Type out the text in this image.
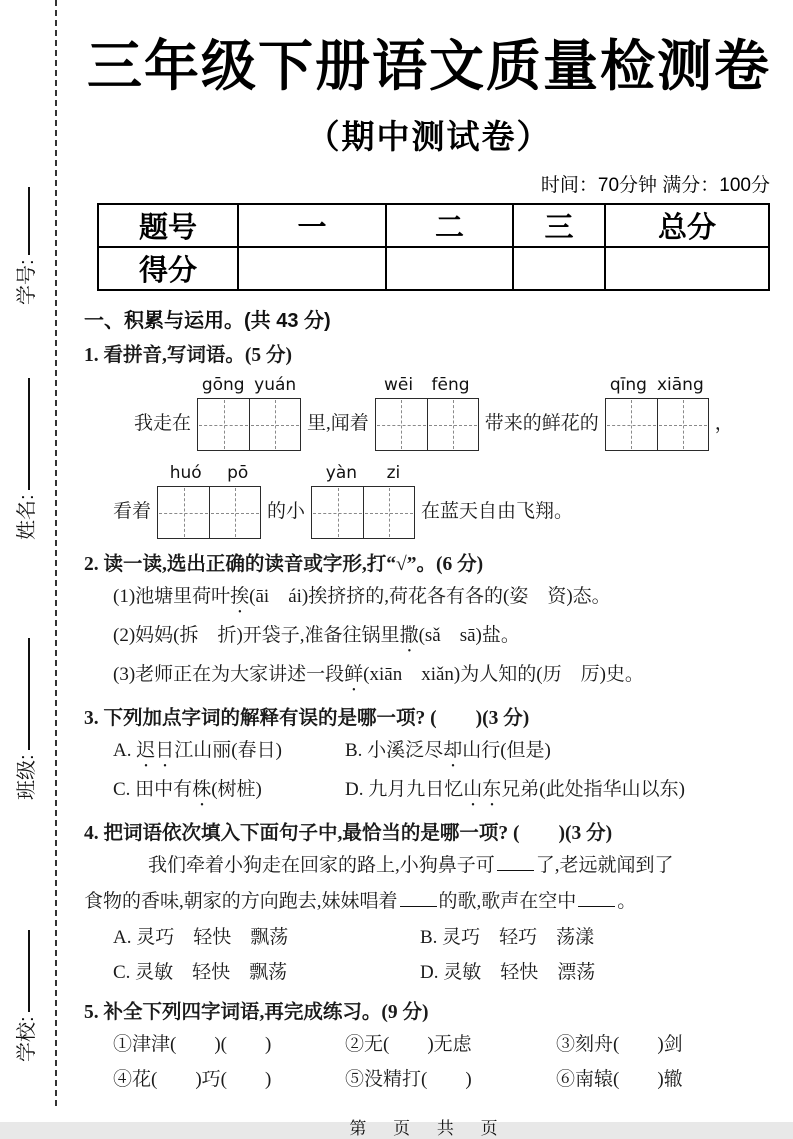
学号:
姓名:
班级:
学校:
三年级下册语文质量检测卷
（期中测试卷）
时间：70分钟 满分：100分
题号	一	二	三	总分
得分				
一、积累与运用。(共 43 分)
1. 看拼音,写词语。(5 分)
我走在
gōng yuán
里,闻着
wēi fēng
带来的鲜花的
qīng xiāng
，
看着
huó pō
的小
yàn zi
在蓝天自由飞翔。
2. 读一读,选出正确的读音或字形,打“√”。(6 分)
(1)池塘里荷叶挨(āi　ái)挨挤挤的,荷花各有各的(姿　资)态。
(2)妈妈(拆　折)开袋子,准备往锅里撒(sǎ　sā)盐。
(3)老师正在为大家讲述一段鲜(xiān　xiǎn)为人知的(历　厉)史。
3. 下列加点字词的解释有误的是哪一项? (　　)(3 分)
A. 迟日江山丽(春日)	B. 小溪泛尽却山行(但是)
C. 田中有株(树桩)	D. 九月九日忆山东兄弟(此处指华山以东)
4. 把词语依次填入下面句子中,最恰当的是哪一项? (　　)(3 分)
我们牵着小狗走在回家的路上,小狗鼻子可 了,老远就闻到了
食物的香味,朝家的方向跑去,妹妹唱着 的歌,歌声在空中 。
A. 灵巧　轻快　飘荡	B. 灵巧　轻巧　荡漾
C. 灵敏　轻快　飘荡	D. 灵敏　轻快　漂荡
5. 补全下列四字词语,再完成练习。(9 分)
①津津(　　)(　　)	②无(　　)无虑	③刻舟(　　)剑
④花(　　)巧(　　)	⑤没精打(　　)	⑥南辕(　　)辙
第 页 共 页
